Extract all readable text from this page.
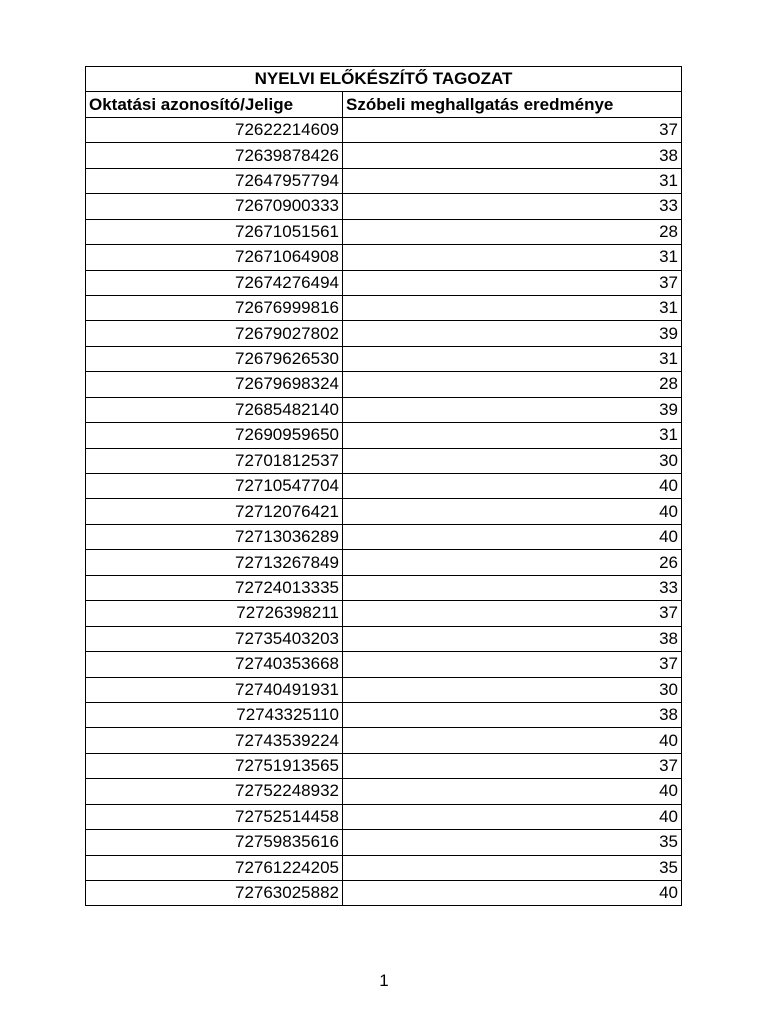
NYELVI ELŐKÉSZÍTŐ TAGOZAT	
Oktatási azonosító/Jelige	Szóbeli meghallgatás eredménye
72622214609	37
72639878426	38
72647957794	31
72670900333	33
72671051561	28
72671064908	31
72674276494	37
72676999816	31
72679027802	39
72679626530	31
72679698324	28
72685482140	39
72690959650	31
72701812537	30
72710547704	40
72712076421	40
72713036289	40
72713267849	26
72724013335	33
72726398211	37
72735403203	38
72740353668	37
72740491931	30
72743325110	38
72743539224	40
72751913565	37
72752248932	40
72752514458	40
72759835616	35
72761224205	35
72763025882	40
1
